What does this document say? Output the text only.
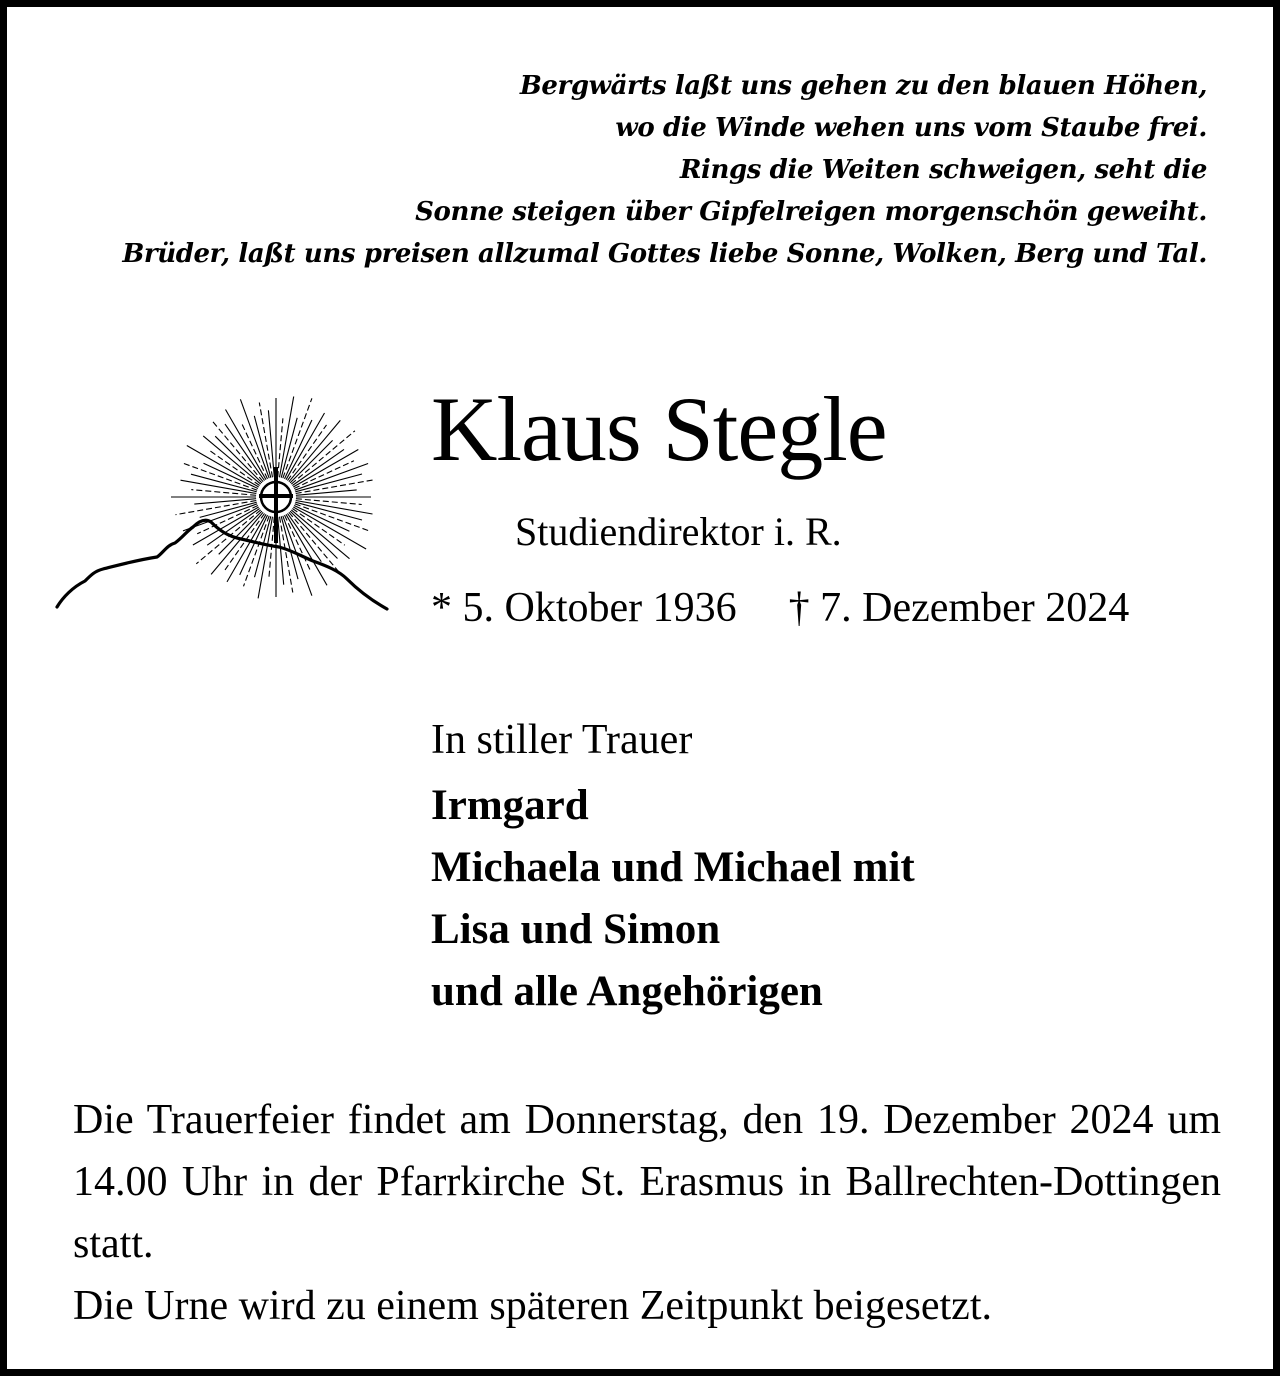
Bergwärts laßt uns gehen zu den blauen Höhen,
wo die Winde wehen uns vom Staube frei.
Rings die Weiten schweigen, seht die
Sonne steigen über Gipfelreigen morgenschön geweiht.
Brüder, laßt uns preisen allzumal Gottes liebe Sonne, Wolken, Berg und Tal.
Klaus Stegle
Studiendirektor i. R.
* 5. Oktober 1936 † 7. Dezember 2024
In stiller Trauer
Irmgard
Michaela und Michael mit
Lisa und Simon
und alle Angehörigen
Die Trauerfeier findet am Donnerstag, den 19. Dezember 2024 um 14.00 Uhr in der Pfarrkirche St. Erasmus in Ballrechten-Dottingen statt.
Die Urne wird zu einem späteren Zeitpunkt beigesetzt.
